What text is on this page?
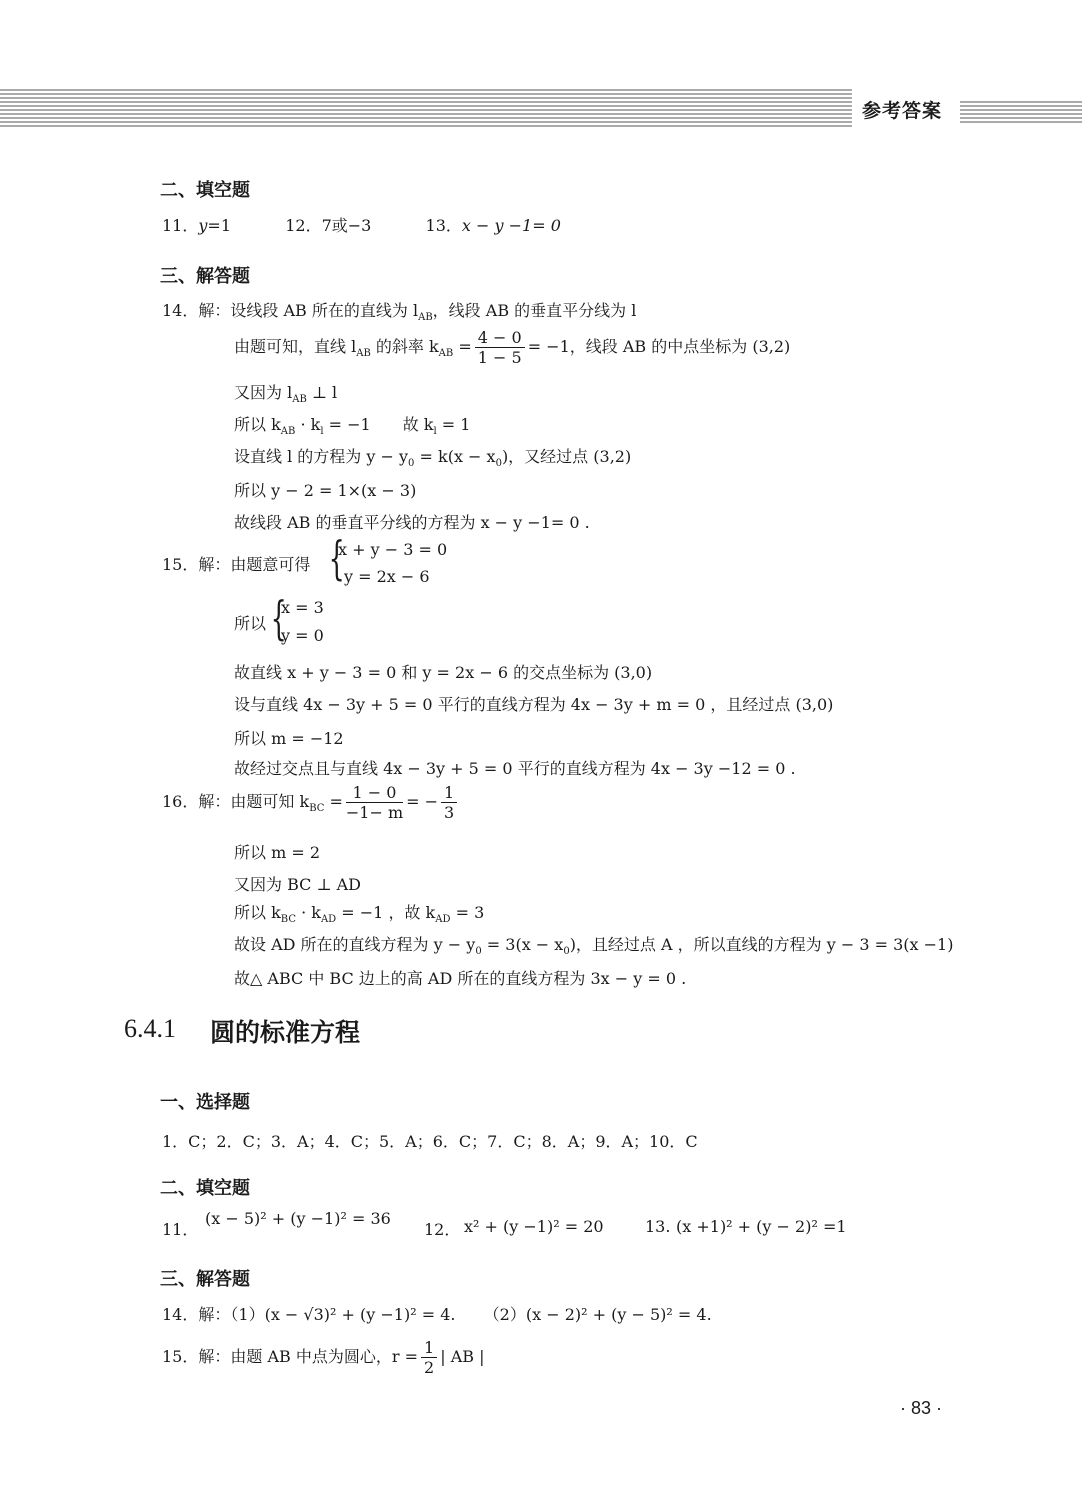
参考答案
二、填空题
11．y=1	12．7或−3	13．x − y −1= 0
三、解答题
14．解：设线段 AB 所在的直线为 $l_{AB}$，线段 AB 的垂直平分线为 l
由题可知，直线 $l_{AB}$ 的斜率 $k_{AB} = \frac{4 - 0}{1 - 5} = -1$，线段 AB 的中点坐标为 (3,2)
又因为 $l_{AB}$ ⊥ l
所以 $k_{AB} \cdot k_l = -1$　　故 $k_l = 1$
设直线 l 的方程为 $y - y_0 = k(x - x_0)$，又经过点 (3,2)
所以 y − 2 = 1×(x − 3)
故线段 AB 的垂直平分线的方程为 x − y −1= 0 .
15．解：由题意可得 {
x + y − 3 = 0
y = 2x − 6
所以 {
x = 3
y = 0
故直线 x + y − 3 = 0 和 y = 2x − 6 的交点坐标为 (3,0)
设与直线 4x − 3y + 5 = 0 平行的直线方程为 4x − 3y + m = 0 ，且经过点 (3,0)
所以 m = −12
故经过交点且与直线 4x − 3y + 5 = 0 平行的直线方程为 4x − 3y −12 = 0 .
16．解：由题可知 $k_{BC} = \frac{1 - 0}{-1- m}$ = − $\frac{1}{3}$
所以 m = 2
又因为 BC ⊥ AD
所以 $k_{BC} \cdot k_{AD} = -1$ ，故 $k_{AD} = 3$
故设 AD 所在的直线方程为 $y - y_0 = 3(x - x_0)$，且经过点 A ，所以直线的方程为 y − 3 = 3(x −1)
故△ ABC 中 BC 边上的高 AD 所在的直线方程为 3x − y = 0 .
6.4.1 圆的标准方程
一、选择题
1．C；2．C；3．A；4．C；5．A；6．C；7．C；8．A；9．A；10．C
二、填空题
11．
(x − 5)² + (y −1)² = 36
12． x² + (y −1)² = 20	13. (x +1)² + (y − 2)² =1
三、解答题
14．解：（1）(x − √3)² + (y −1)² = 4. （2）(x − 2)² + (y − 5)² = 4.
15．解：由题 AB 中点为圆心，$r = \frac{1}{2}$ | AB |
· 83 ·
